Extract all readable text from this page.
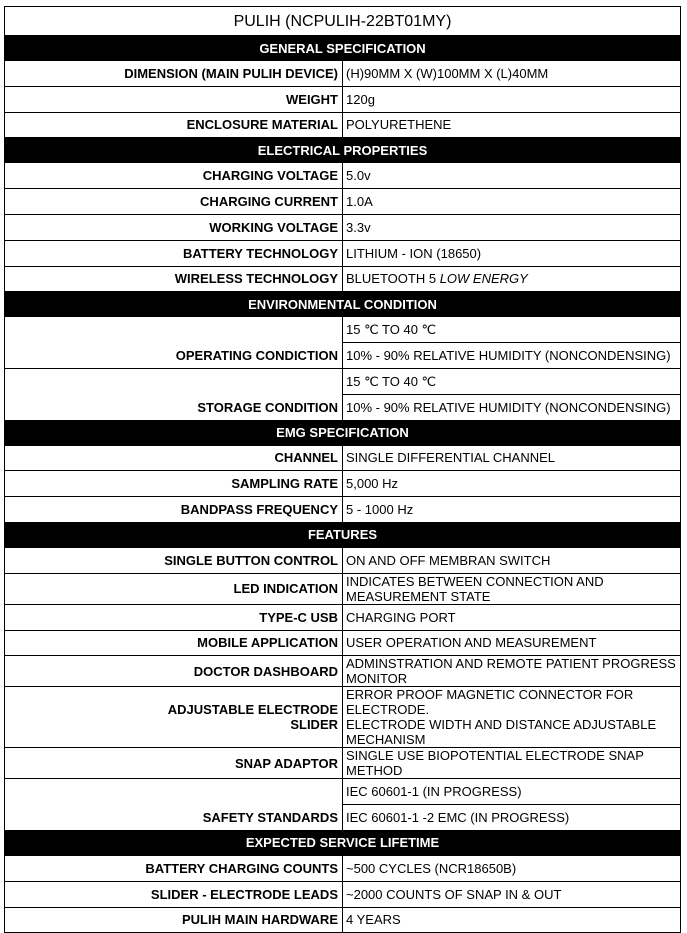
PULIH (NCPULIH-22BT01MY)	
GENERAL SPECIFICATION	
DIMENSION (MAIN PULIH DEVICE)	(H)90MM X (W)100MM X (L)40MM
WEIGHT	120g
ENCLOSURE MATERIAL	POLYURETHENE
ELECTRICAL PROPERTIES	
CHARGING VOLTAGE	5.0v
CHARGING CURRENT	1.0A
WORKING VOLTAGE	3.3v
BATTERY TECHNOLOGY	LITHIUM - ION (18650)
WIRELESS TECHNOLOGY	BLUETOOTH 5 LOW ENERGY
ENVIRONMENTAL CONDITION	
OPERATING CONDICTION	15 ℃ TO 40 ℃
	10% - 90% RELATIVE HUMIDITY (NONCONDENSING)
STORAGE CONDITION	15 ℃ TO 40 ℃
	10% - 90% RELATIVE HUMIDITY (NONCONDENSING)
EMG SPECIFICATION	
CHANNEL	SINGLE DIFFERENTIAL CHANNEL
SAMPLING RATE	5,000 Hz
BANDPASS FREQUENCY	5 - 1000 Hz
FEATURES	
SINGLE BUTTON CONTROL	ON AND OFF MEMBRAN SWITCH
LED INDICATION	INDICATES BETWEEN CONNECTION AND MEASUREMENT STATE
TYPE-C USB	CHARGING PORT
MOBILE APPLICATION	USER OPERATION AND MEASUREMENT
DOCTOR DASHBOARD	ADMINSTRATION AND REMOTE PATIENT PROGRESS MONITOR
ADJUSTABLE ELECTRODE
SLIDER	ERROR PROOF MAGNETIC CONNECTOR FOR ELECTRODE.
ELECTRODE WIDTH AND DISTANCE ADJUSTABLE MECHANISM
SNAP ADAPTOR	SINGLE USE BIOPOTENTIAL ELECTRODE SNAP METHOD
SAFETY STANDARDS	IEC 60601-1 (IN PROGRESS)
	IEC 60601-1 -2 EMC (IN PROGRESS)
EXPECTED SERVICE LIFETIME	
BATTERY CHARGING COUNTS	~500 CYCLES (NCR18650B)
SLIDER - ELECTRODE LEADS	~2000 COUNTS OF SNAP IN & OUT
PULIH MAIN HARDWARE	4 YEARS
